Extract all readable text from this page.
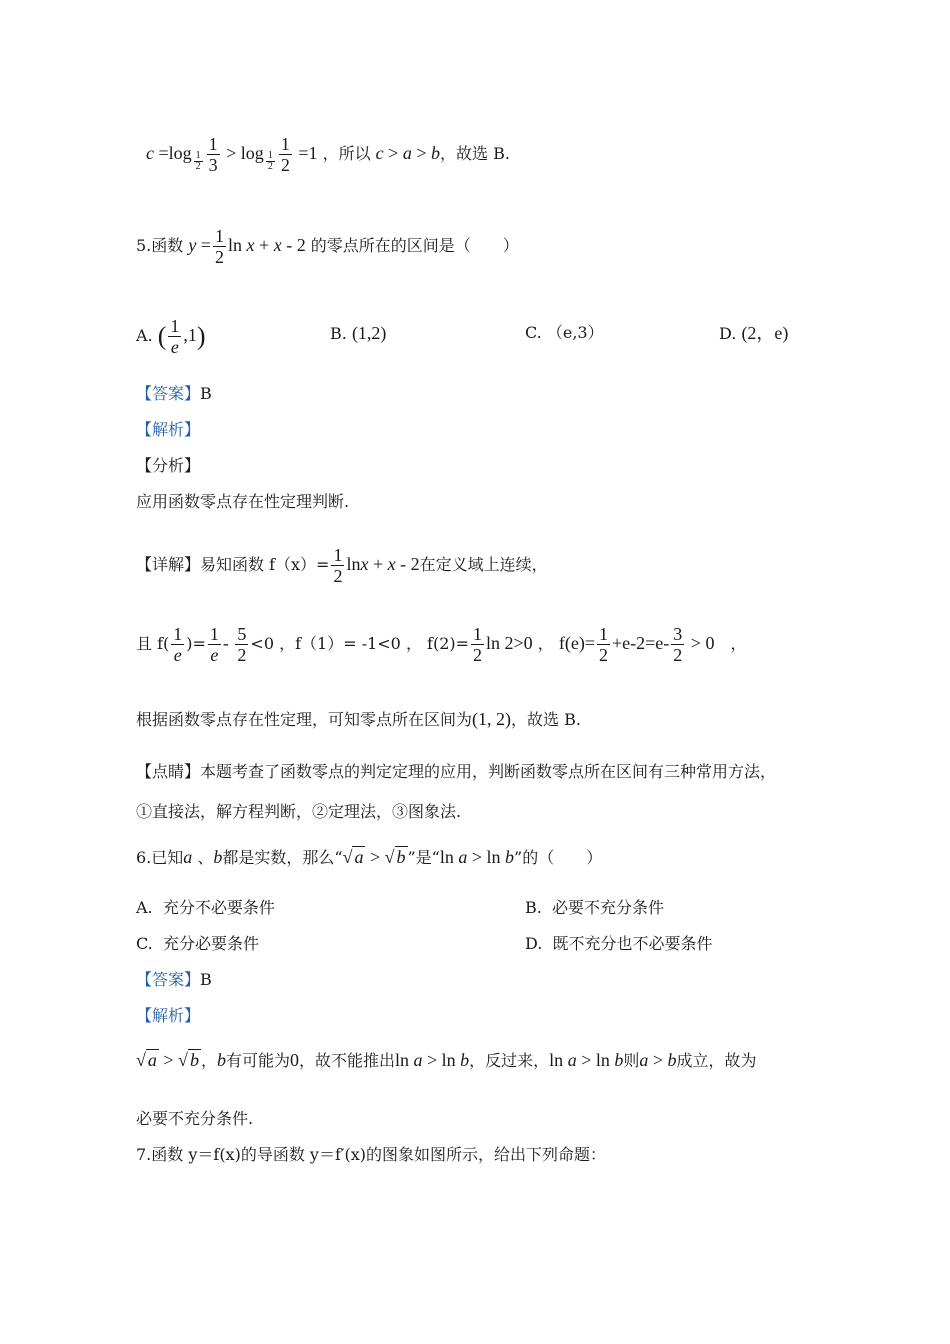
$c =\log \frac{1}{2} \frac{1}{3} > \log \frac{1}{2} \frac{1}{2} =1$ ，所以 c > a > b，故选 B.
5.函数 $y = \frac{1}{2}$ ln x + x - 2 的零点所在的区间是（　　）
A. ( $\frac{1}{e} ,1$)	B. (1,2)	C. （e,3）	D. (2，e)
【答案】B
【解析】
【分析】
应用函数零点存在性定理判断.
【详解】易知函数 $f(x)= \frac{1}{2}$ lnx + x - 2在定义域上连续，
且 $f( \frac{1}{e}$ )= $\frac{1}{e} - \frac{5}{2} <0$ ，f（1）= -1<0 ， $f(2)= \frac{1}{2}$ ln 2>0 ， $f(e)= \frac{1}{2} +e-2=e- \frac{3}{2} > 0$　，
根据函数零点存在性定理，可知零点所在区间为(1, 2)，故选 B.
【点睛】本题考查了函数零点的判定定理的应用，判断函数零点所在区间有三种常用方法，
①直接法，解方程判断，②定理法，③图象法.
6.已知a 、b都是实数，那么“√ a > √ b ”是“ln a > ln b”的（　　）
A. 充分不必要条件	B. 必要不充分条件
C. 充分必要条件	D. 既不充分也不必要条件
【答案】B
【解析】
√ a > √ b ，b有可能为0，故不能推出ln a > ln b，反过来，ln a > ln b则a > b成立，故为
必要不充分条件.
7.函数 y＝f(x)的导函数 y＝f′(x)的图象如图所示，给出下列命题：
